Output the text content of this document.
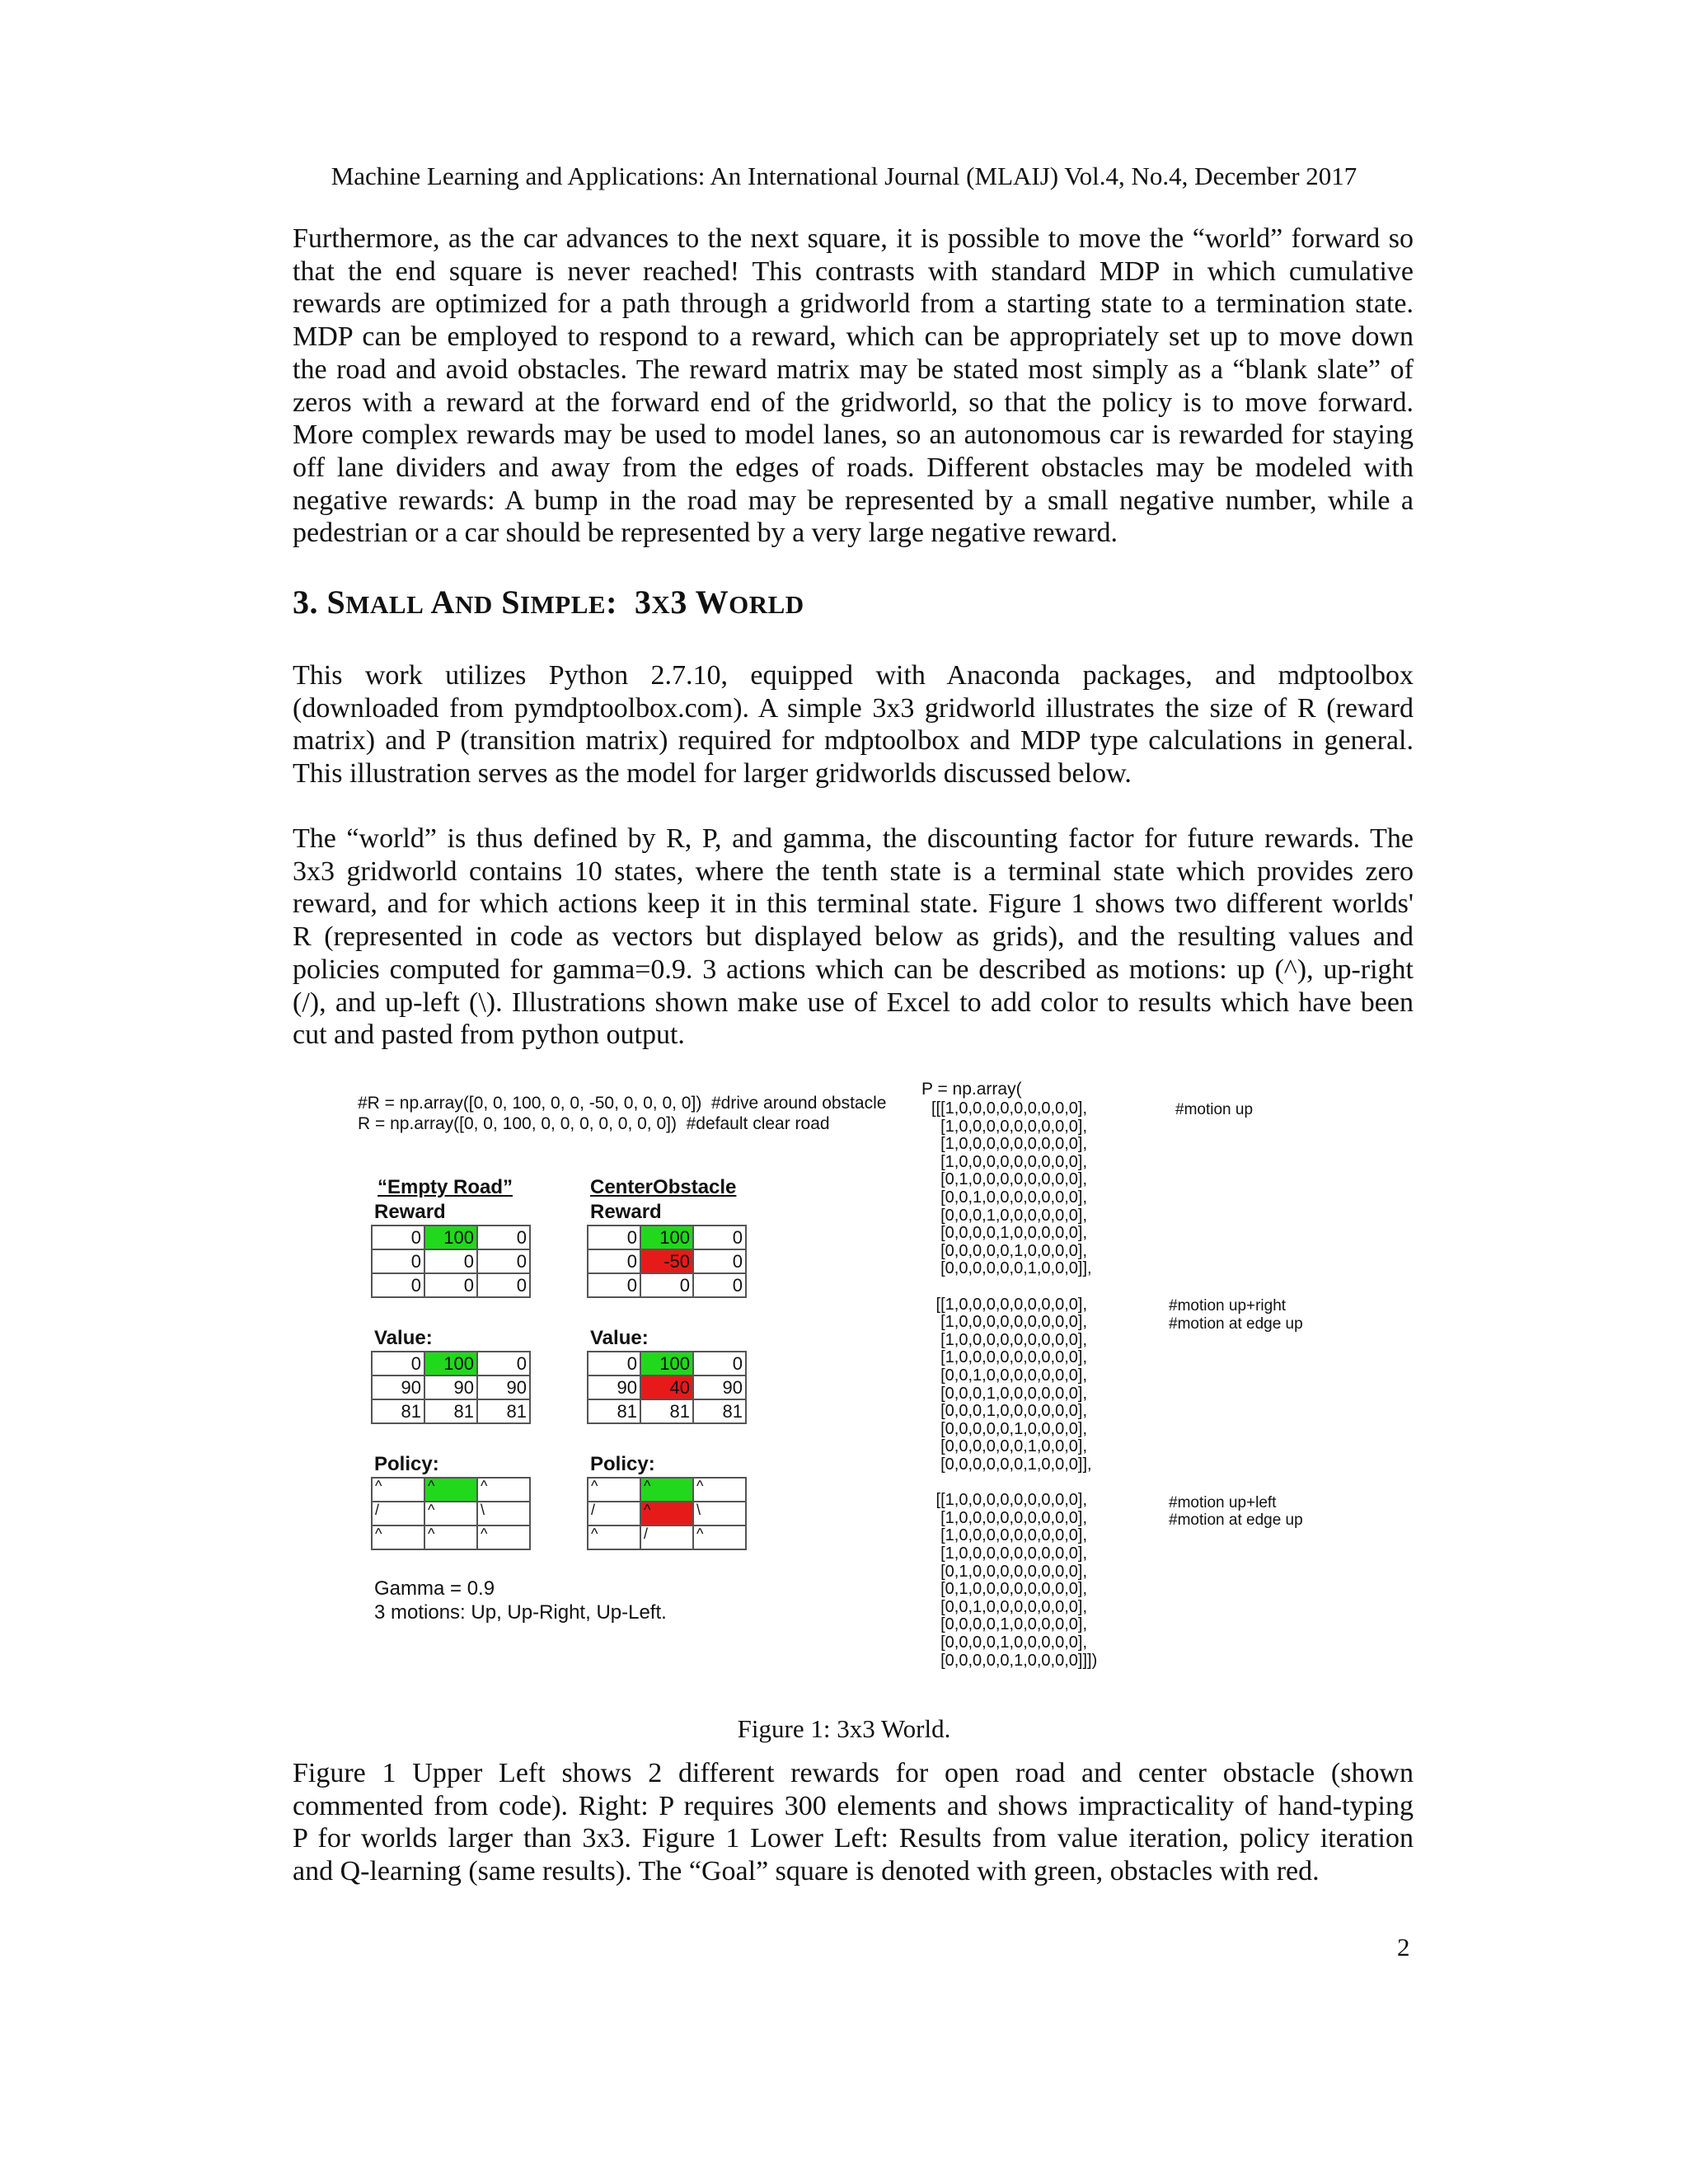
Machine Learning and Applications: An International Journal (MLAIJ) Vol.4, No.4, December 2017
Furthermore, as the car advances to the next square, it is possible to move the “world” forward so
that the end square is never reached! This contrasts with standard MDP in which cumulative
rewards are optimized for a path through a gridworld from a starting state to a termination state.
MDP can be employed to respond to a reward, which can be appropriately set up to move down
the road and avoid obstacles. The reward matrix may be stated most simply as a “blank slate” of
zeros with a reward at the forward end of the gridworld, so that the policy is to move forward.
More complex rewards may be used to model lanes, so an autonomous car is rewarded for staying
off lane dividers and away from the edges of roads. Different obstacles may be modeled with
negative rewards: A bump in the road may be represented by a small negative number, while a
pedestrian or a car should be represented by a very large negative reward.
3. SMALL AND SIMPLE:  3X3 WORLD
This work utilizes Python 2.7.10, equipped with Anaconda packages, and mdptoolbox
(downloaded from pymdptoolbox.com). A simple 3x3 gridworld illustrates the size of R (reward
matrix) and P (transition matrix) required for mdptoolbox and MDP type calculations in general.
This illustration serves as the model for larger gridworlds discussed below.
The “world” is thus defined by R, P, and gamma, the discounting factor for future rewards. The
3x3 gridworld contains 10 states, where the tenth state is a terminal state which provides zero
reward, and for which actions keep it in this terminal state. Figure 1 shows two different worlds'
R (represented in code as vectors but displayed below as grids), and the resulting values and
policies computed for gamma=0.9. 3 actions which can be described as motions: up (^), up-right
(/), and up-left (\). Illustrations shown make use of Excel to add color to results which have been
cut and pasted from python output.
#R = np.array([0, 0, 100, 0, 0, -50, 0, 0, 0, 0])  #drive around obstacle
R = np.array([0, 0, 100, 0, 0, 0, 0, 0, 0, 0])  #default clear road
“Empty Road”	CenterObstacle
Reward	Reward
0	100	0
0	0	0
0	0	0
0	100	0
0	-50	0
0	0	0
Value:	Value:
0	100	0
90	90	90
81	81	81
0	100	0
90	40	90
81	81	81
Policy:	Policy:
^	^	^
/	^	\
^	^	^
^	^	^
/	^	\
^	/	^
Gamma = 0.9
3 motions: Up, Up-Right, Up-Left.
P = np.array(
[[[1,0,0,0,0,0,0,0,0,0],
[1,0,0,0,0,0,0,0,0,0],
[1,0,0,0,0,0,0,0,0,0],
[1,0,0,0,0,0,0,0,0,0],
[0,1,0,0,0,0,0,0,0,0],
[0,0,1,0,0,0,0,0,0,0],
[0,0,0,1,0,0,0,0,0,0],
[0,0,0,0,1,0,0,0,0,0],
[0,0,0,0,0,1,0,0,0,0],
[0,0,0,0,0,0,1,0,0,0]],
[[1,0,0,0,0,0,0,0,0,0],
[1,0,0,0,0,0,0,0,0,0],
[1,0,0,0,0,0,0,0,0,0],
[1,0,0,0,0,0,0,0,0,0],
[0,0,1,0,0,0,0,0,0,0],
[0,0,0,1,0,0,0,0,0,0],
[0,0,0,1,0,0,0,0,0,0],
[0,0,0,0,0,1,0,0,0,0],
[0,0,0,0,0,0,1,0,0,0],
[0,0,0,0,0,0,1,0,0,0]],
[[1,0,0,0,0,0,0,0,0,0],
[1,0,0,0,0,0,0,0,0,0],
[1,0,0,0,0,0,0,0,0,0],
[1,0,0,0,0,0,0,0,0,0],
[0,1,0,0,0,0,0,0,0,0],
[0,1,0,0,0,0,0,0,0,0],
[0,0,1,0,0,0,0,0,0,0],
[0,0,0,0,1,0,0,0,0,0],
[0,0,0,0,1,0,0,0,0,0],
[0,0,0,0,0,1,0,0,0,0]]])
#motion up
#motion up+right
#motion at edge up
#motion up+left
#motion at edge up
Figure 1: 3x3 World.
Figure 1 Upper Left shows 2 different rewards for open road and center obstacle (shown
commented from code). Right: P requires 300 elements and shows impracticality of hand-typing
P for worlds larger than 3x3. Figure 1 Lower Left: Results from value iteration, policy iteration
and Q-learning (same results). The “Goal” square is denoted with green, obstacles with red.
2
